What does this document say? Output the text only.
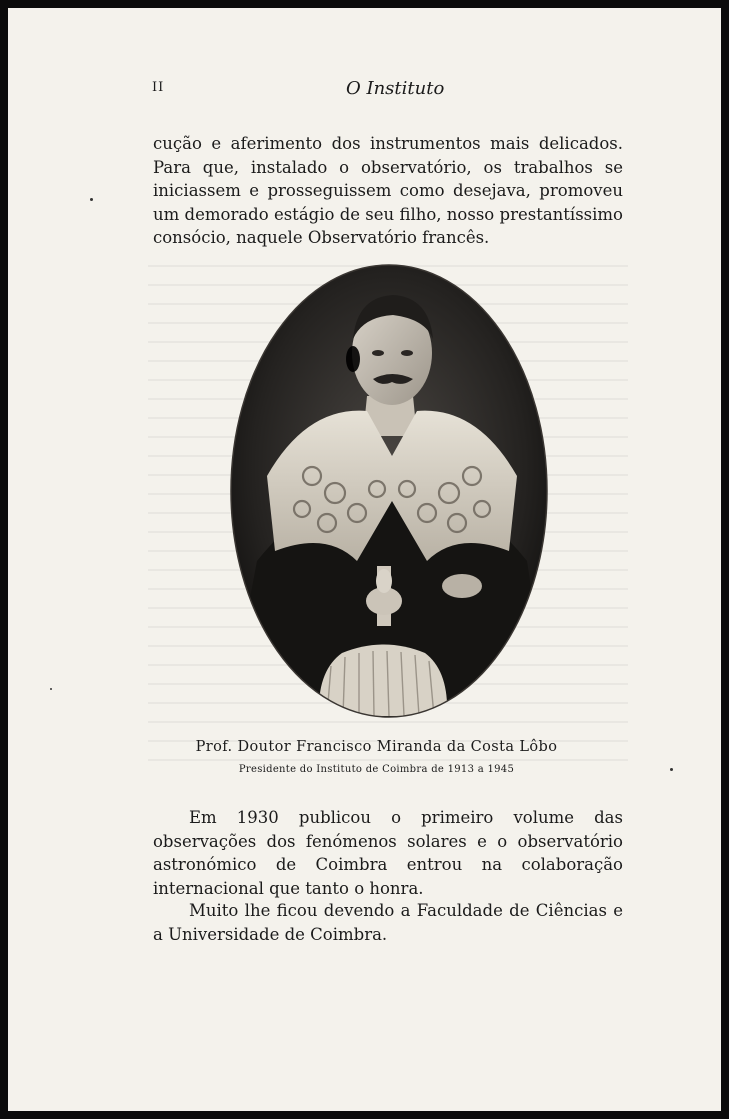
II	O Instituto

cução e aferimento dos instrumentos mais delicados. Para que, instalado o observatório, os trabalhos se iniciassem e prosseguissem como desejava, promoveu um demorado estágio de seu filho, nosso prestantíssimo consócio, naquele Observatório francês.

Prof. Doutor Francisco Miranda da Costa Lôbo

Presidente do Instituto de Coimbra de 1913 a 1945

Em 1930 publicou o primeiro volume das observações dos fenómenos solares e o observatório astronómico de Coimbra entrou na colaboração internacional que tanto o honra.

Muito lhe ficou devendo a Faculdade de Ciências e a Universidade de Coimbra.
